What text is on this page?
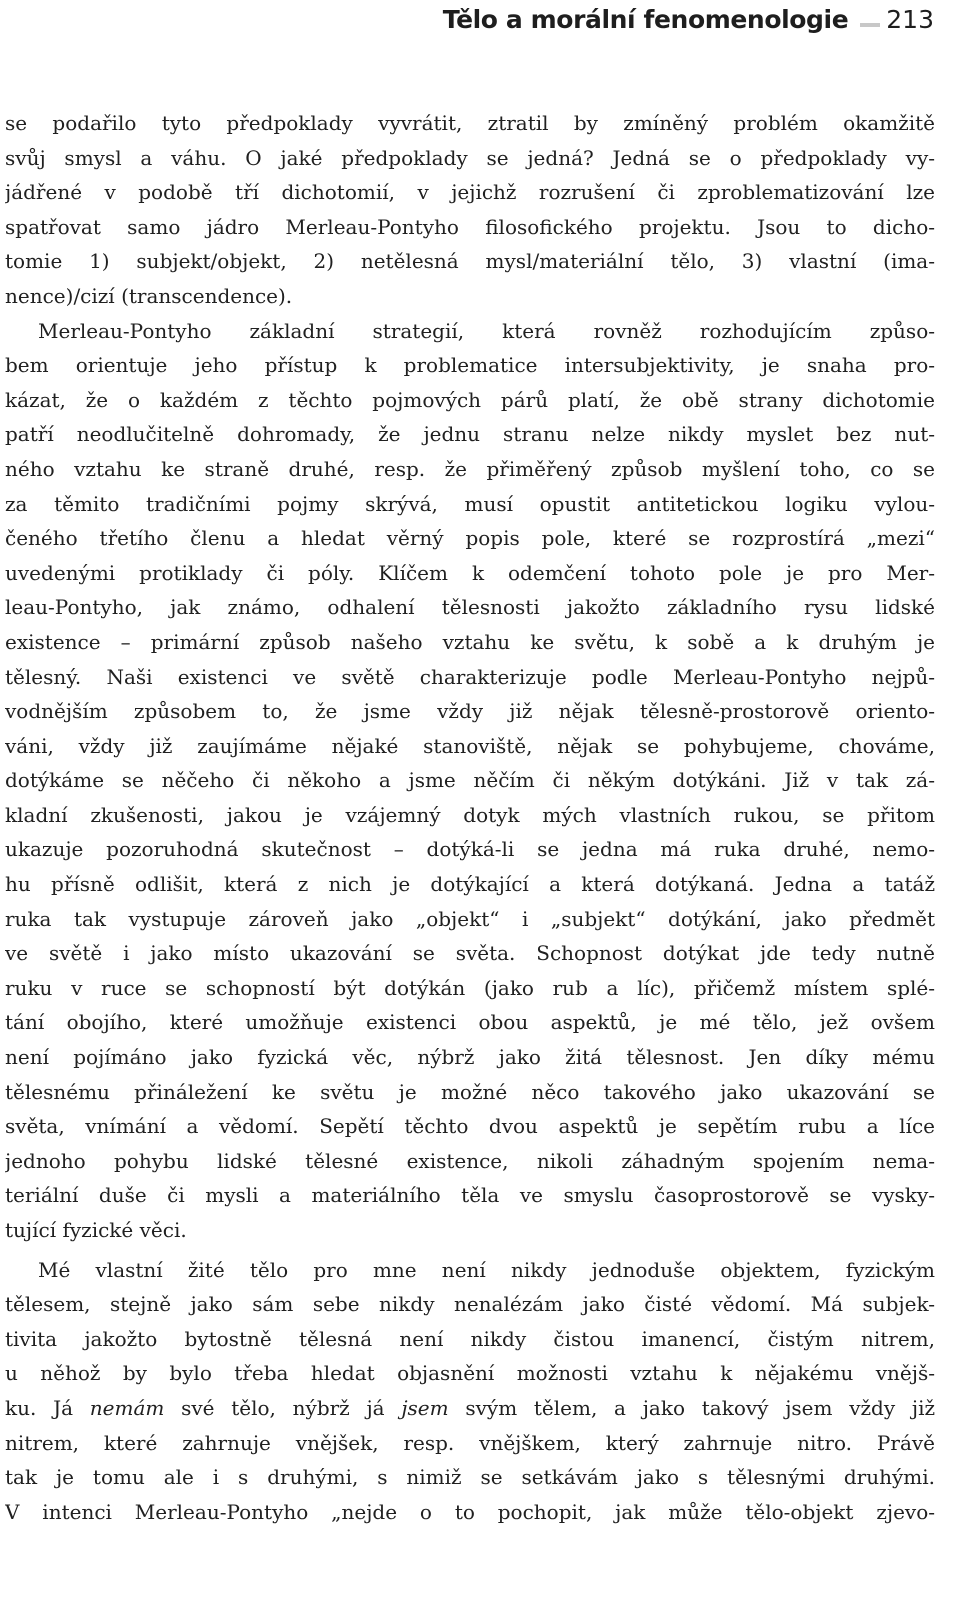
Tělo a morální fenomenologie 213
se podařilo tyto předpoklady vyvrátit, ztratil by zmíněný problém okamžitě
svůj smysl a váhu. O jaké předpoklady se jedná? Jedná se o předpoklady vy-
jádřené v podobě tří dichotomií, v jejichž rozrušení či zproblematizování lze
spatřovat samo jádro Merleau-Pontyho filosofického projektu. Jsou to dicho-
tomie 1) subjekt/objekt, 2) netělesná mysl/materiální tělo, 3) vlastní (ima-
nence)/cizí (transcendence).
Merleau-Pontyho základní strategií, která rovněž rozhodujícím způso-
bem orientuje jeho přístup k problematice intersubjektivity, je snaha pro-
kázat, že o každém z těchto pojmových párů platí, že obě strany dichotomie
patří neodlučitelně dohromady, že jednu stranu nelze nikdy myslet bez nut-
ného vztahu ke straně druhé, resp. že přiměřený způsob myšlení toho, co se
za těmito tradičními pojmy skrývá, musí opustit antitetickou logiku vylou-
čeného třetího členu a hledat věrný popis pole, které se rozprostírá „mezi“
uvedenými protiklady či póly. Klíčem k odemčení tohoto pole je pro Mer-
leau-Pontyho, jak známo, odhalení tělesnosti jakožto základního rysu lidské
existence – primární způsob našeho vztahu ke světu, k sobě a k druhým je
tělesný. Naši existenci ve světě charakterizuje podle Merleau-Pontyho nejpů-
vodnějším způsobem to, že jsme vždy již nějak tělesně-prostorově oriento-
váni, vždy již zaujímáme nějaké stanoviště, nějak se pohybujeme, chováme,
dotýkáme se něčeho či někoho a jsme něčím či někým dotýkáni. Již v tak zá-
kladní zkušenosti, jakou je vzájemný dotyk mých vlastních rukou, se přitom
ukazuje pozoruhodná skutečnost – dotýká-li se jedna má ruka druhé, nemo-
hu přísně odlišit, která z nich je dotýkající a která dotýkaná. Jedna a tatáž
ruka tak vystupuje zároveň jako „objekt“ i „subjekt“ dotýkání, jako předmět
ve světě i jako místo ukazování se světa. Schopnost dotýkat jde tedy nutně
ruku v ruce se schopností být dotýkán (jako rub a líc), přičemž místem splé-
tání obojího, které umožňuje existenci obou aspektů, je mé tělo, jež ovšem
není pojímáno jako fyzická věc, nýbrž jako žitá tělesnost. Jen díky mému
tělesnému přináležení ke světu je možné něco takového jako ukazování se
světa, vnímání a vědomí. Sepětí těchto dvou aspektů je sepětím rubu a líce
jednoho pohybu lidské tělesné existence, nikoli záhadným spojením nema-
teriální duše či mysli a materiálního těla ve smyslu časoprostorově se vysky-
tující fyzické věci.
Mé vlastní žité tělo pro mne není nikdy jednoduše objektem, fyzickým
tělesem, stejně jako sám sebe nikdy nenalézám jako čisté vědomí. Má subjek-
tivita jakožto bytostně tělesná není nikdy čistou imanencí, čistým nitrem,
u něhož by bylo třeba hledat objasnění možnosti vztahu k nějakému vnějš-
ku. Já nemám své tělo, nýbrž já jsem svým tělem, a jako takový jsem vždy již
nitrem, které zahrnuje vnějšek, resp. vnějškem, který zahrnuje nitro. Právě
tak je tomu ale i s druhými, s nimiž se setkávám jako s tělesnými druhými.
V intenci Merleau-Pontyho „nejde o to pochopit, jak může tělo-objekt zjevo-
